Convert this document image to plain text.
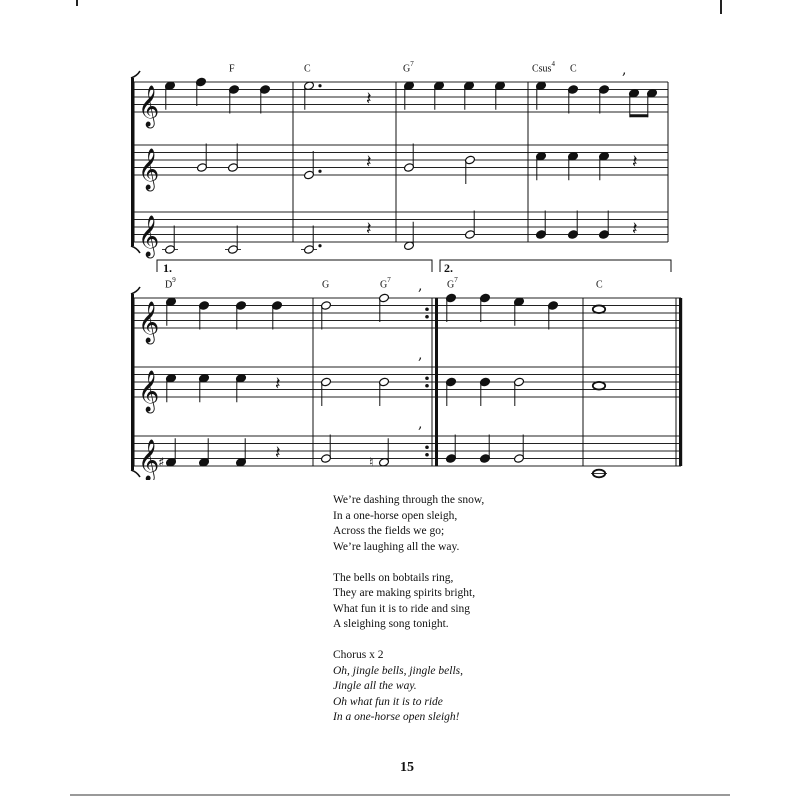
F	C	$G^7$	Csus$^4$ C
1.	2.
$D^9$	G	$G^7$	$G^7$	C
𝄞
𝄞
𝄞
𝄽
,
𝄽	𝄽
𝄽	𝄽
𝄞
𝄞
𝄞
,
𝄽
,
♯	𝄽	♮
,
We’re dashing through the snow,
In a one-horse open sleigh,
Across the fields we go;
We’re laughing all the way.
The bells on bobtails ring,
They are making spirits bright,
What fun it is to ride and sing
A sleighing song tonight.
Chorus x 2
Oh, jingle bells, jingle bells,
Jingle all the way.
Oh what fun it is to ride
In a one-horse open sleigh!
15
